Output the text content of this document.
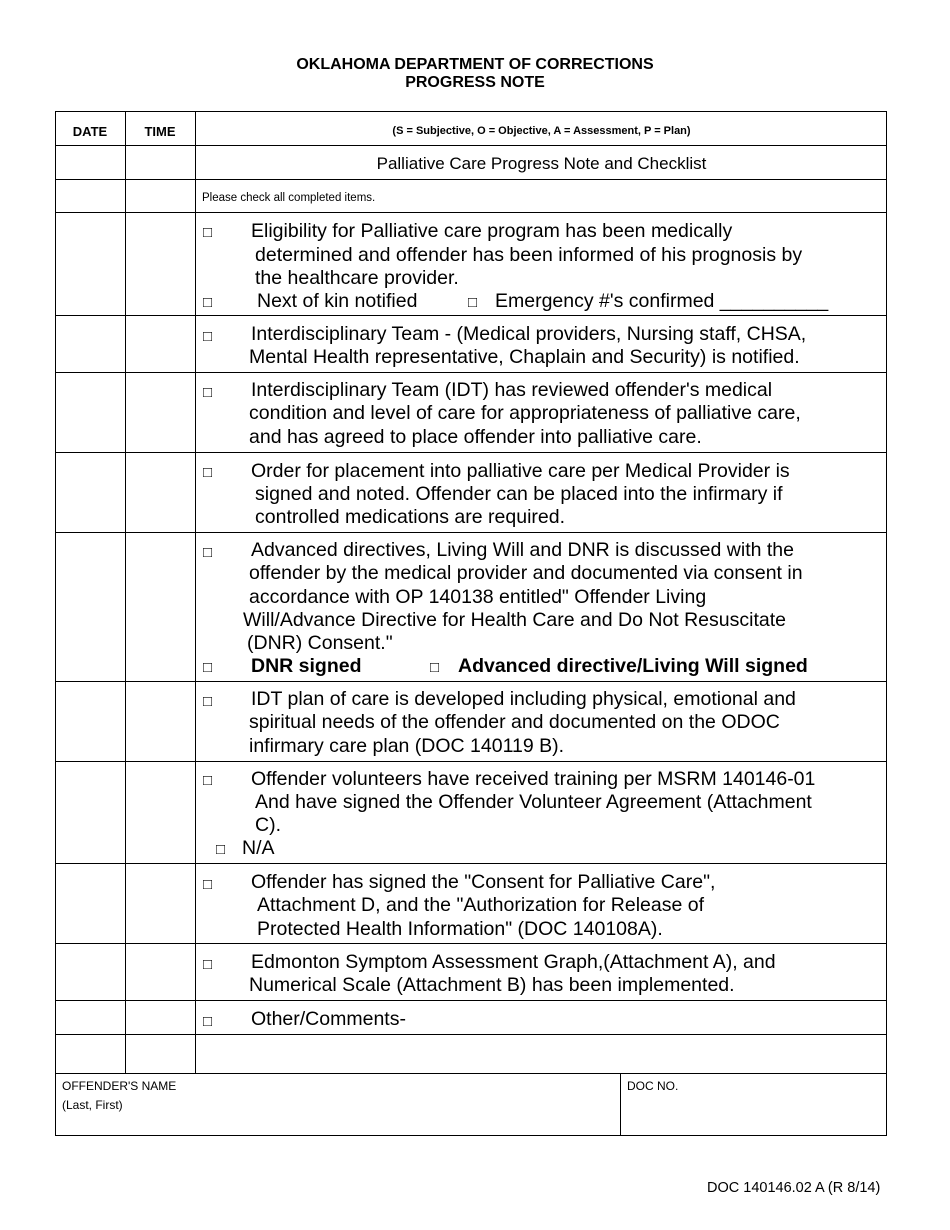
OKLAHOMA DEPARTMENT OF CORRECTIONS
PROGRESS NOTE
DATE	TIME	(S = Subjective, O = Objective, A = Assessment, P = Plan)
Palliative Care Progress Note and Checklist
Please check all completed items.
□ Eligibility for Palliative care program has been medically
determined and offender has been informed of his prognosis by
the healthcare provider.
□ Next of kin notified	□ Emergency #'s confirmed __________
□ Interdisciplinary Team - (Medical providers, Nursing staff, CHSA,
Mental Health representative, Chaplain and Security) is notified.
□ Interdisciplinary Team (IDT) has reviewed offender's medical
condition and level of care for appropriateness of palliative care,
and has agreed to place offender into palliative care.
□ Order for placement into palliative care per Medical Provider is
signed and noted. Offender can be placed into the infirmary if
controlled medications are required.
□ Advanced directives, Living Will and DNR is discussed with the
offender by the medical provider and documented via consent in
accordance with OP 140138 entitled" Offender Living
Will/Advance Directive for Health Care and Do Not Resuscitate
(DNR) Consent."
□ DNR signed	□ Advanced directive/Living Will signed
□ IDT plan of care is developed including physical, emotional and
spiritual needs of the offender and documented on the ODOC
infirmary care plan (DOC 140119 B).
□ Offender volunteers have received training per MSRM 140146-01
And have signed the Offender Volunteer Agreement (Attachment
C).
□ N/A
□ Offender has signed the "Consent for Palliative Care",
Attachment D, and the "Authorization for Release of
Protected Health Information" (DOC 140108A).
□ Edmonton Symptom Assessment Graph,(Attachment A), and
Numerical Scale (Attachment B) has been implemented.
□ Other/Comments-
OFFENDER'S NAME
(Last, First)
DOC NO.
DOC 140146.02 A (R 8/14)
